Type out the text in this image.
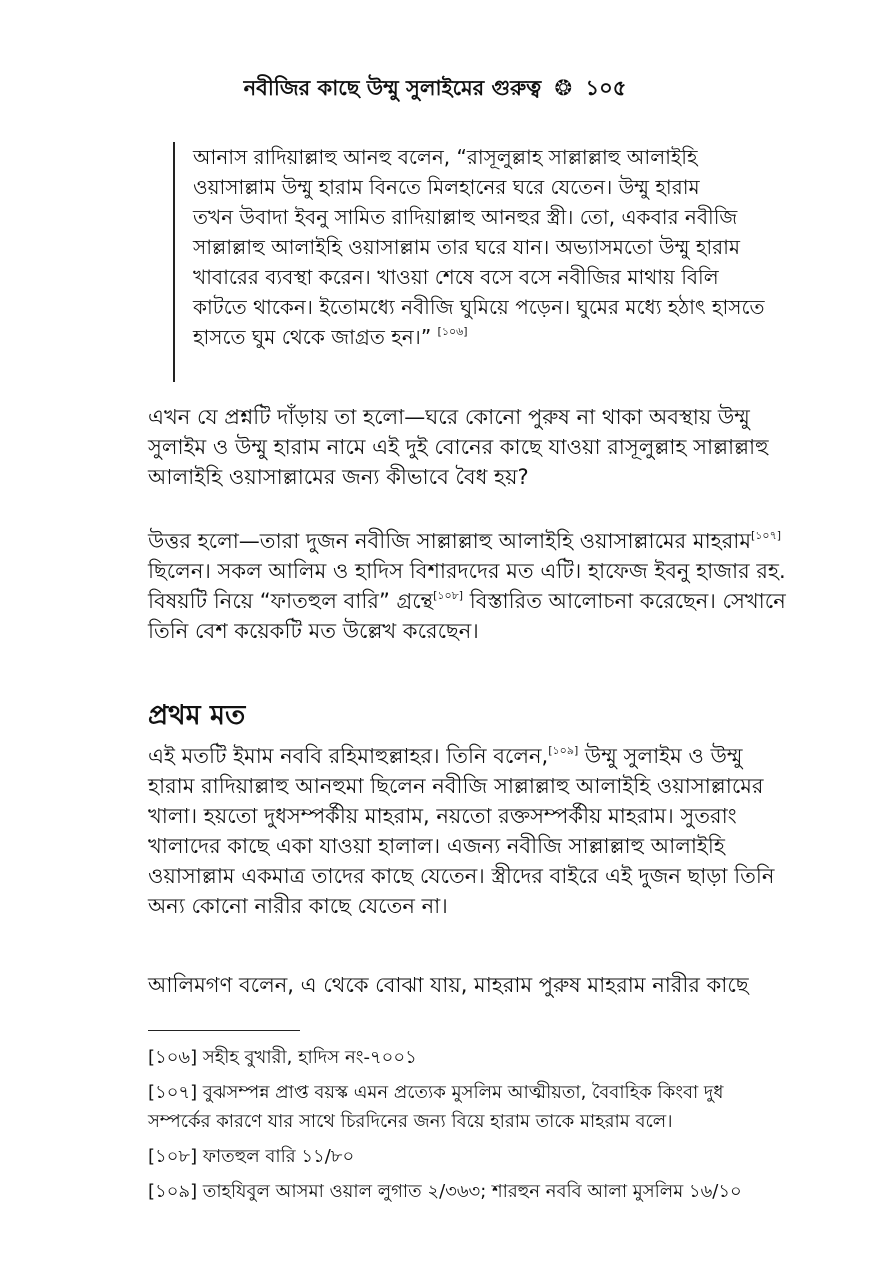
নবীজির কাছে উম্মু সুলাইমের গুরুত্ব ❂ ১০৫
আনাস রাদিয়াল্লাহু আনহু বলেন, “রাসূলুল্লাহ সাল্লাল্লাহু আলাইহি
ওয়াসাল্লাম উম্মু হারাম বিনতে মিলহানের ঘরে যেতেন। উম্মু হারাম
তখন উবাদা ইবনু সামিত রাদিয়াল্লাহু আনহুর স্ত্রী। তো, একবার নবীজি
সাল্লাল্লাহু আলাইহি ওয়াসাল্লাম তার ঘরে যান। অভ্যাসমতো উম্মু হারাম
খাবারের ব্যবস্থা করেন। খাওয়া শেষে বসে বসে নবীজির মাথায় বিলি
কাটতে থাকেন। ইতোমধ্যে নবীজি ঘুমিয়ে পড়েন। ঘুমের মধ্যে হঠাৎ হাসতে
হাসতে ঘুম থেকে জাগ্রত হন।” [১০৬]
এখন যে প্রশ্নটি দাঁড়ায় তা হলো—ঘরে কোনো পুরুষ না থাকা অবস্থায় উম্মু
সুলাইম ও উম্মু হারাম নামে এই দুই বোনের কাছে যাওয়া রাসূলুল্লাহ সাল্লাল্লাহু
আলাইহি ওয়াসাল্লামের জন্য কীভাবে বৈধ হয়?
উত্তর হলো—তারা দুজন নবীজি সাল্লাল্লাহু আলাইহি ওয়াসাল্লামের মাহরাম[১০৭]
ছিলেন। সকল আলিম ও হাদিস বিশারদদের মত এটি। হাফেজ ইবনু হাজার রহ.
বিষয়টি নিয়ে “ফাতহুল বারি” গ্রন্থে[১০৮] বিস্তারিত আলোচনা করেছেন। সেখানে
তিনি বেশ কয়েকটি মত উল্লেখ করেছেন।
প্রথম মত
এই মতটি ইমাম নববি রহিমাহুল্লাহর। তিনি বলেন,[১০৯] উম্মু সুলাইম ও উম্মু
হারাম রাদিয়াল্লাহু আনহুমা ছিলেন নবীজি সাল্লাল্লাহু আলাইহি ওয়াসাল্লামের
খালা। হয়তো দুধসম্পর্কীয় মাহরাম, নয়তো রক্তসম্পর্কীয় মাহরাম। সুতরাং
খালাদের কাছে একা যাওয়া হালাল। এজন্য নবীজি সাল্লাল্লাহু আলাইহি
ওয়াসাল্লাম একমাত্র তাদের কাছে যেতেন। স্ত্রীদের বাইরে এই দুজন ছাড়া তিনি
অন্য কোনো নারীর কাছে যেতেন না।
আলিমগণ বলেন, এ থেকে বোঝা যায়, মাহরাম পুরুষ মাহরাম নারীর কাছে
[১০৬] সহীহ বুখারী, হাদিস নং-৭০০১
[১০৭] বুঝসম্পন্ন প্রাপ্ত বয়স্ক এমন প্রত্যেক মুসলিম আত্মীয়তা, বৈবাহিক কিংবা দুধ
সম্পর্কের কারণে যার সাথে চিরদিনের জন্য বিয়ে হারাম তাকে মাহরাম বলে।
[১০৮] ফাতহুল বারি ১১/৮০
[১০৯] তাহযিবুল আসমা ওয়াল লুগাত ২/৩৬৩; শারহুন নববি আলা মুসলিম ১৬/১০
